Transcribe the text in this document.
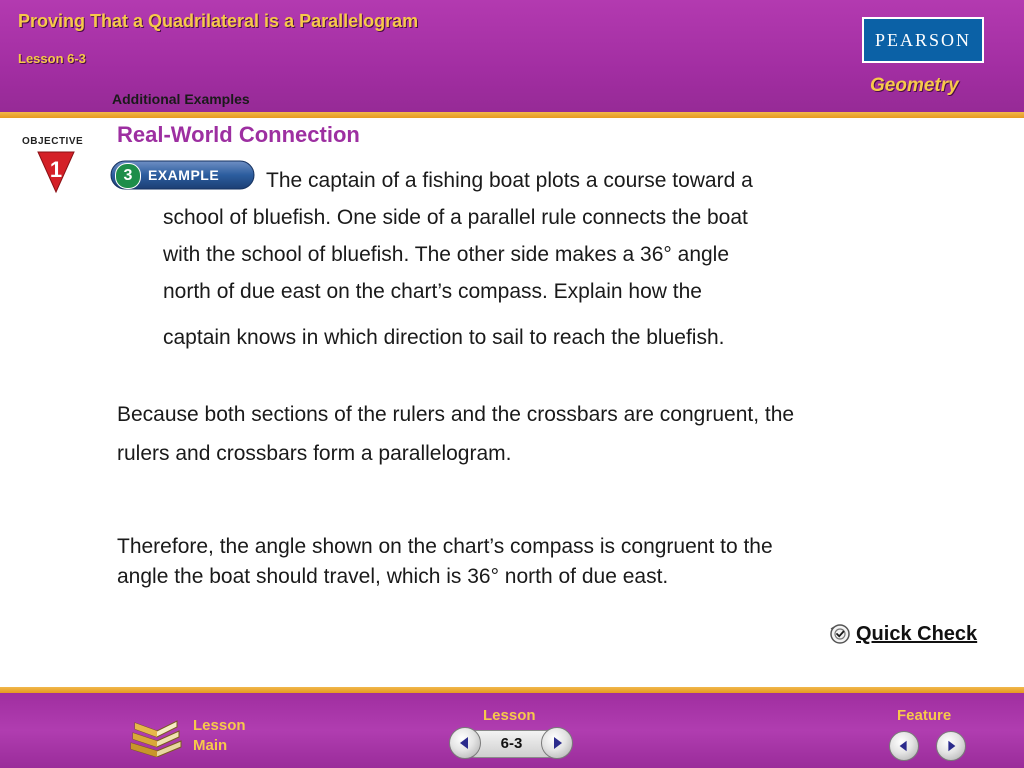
Proving That a Quadrilateral is a Parallelogram
Lesson 6-3
Additional Examples
PEARSON
Geometry
OBJECTIVE
1
Real-World Connection
3	EXAMPLE The captain of a fishing boat plots a course toward a
school of bluefish. One side of a parallel rule connects the boat
with the school of bluefish. The other side makes a 36° angle
north of due east on the chart’s compass. Explain how the
captain knows in which direction to sail to reach the bluefish.
Because both sections of the rulers and the crossbars are congruent, the
rulers and crossbars form a parallelogram.
Therefore, the angle shown on the chart’s compass is congruent to the
angle the boat should travel, which is 36° north of due east.
Quick Check
Lesson
Main
Lesson
6-3
Feature
